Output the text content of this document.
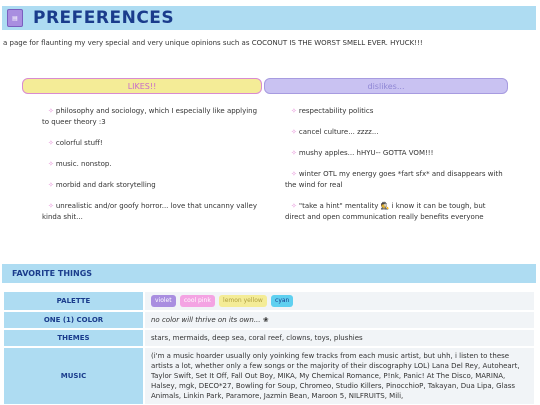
▤ PREFERENCES
a page for flaunting my very special and very unique opinions such as COCONUT IS THE WORST SMELL EVER. HYUCK!!!
LIKES!!	dislikes...
✧ philosophy and sociology, which I especially like applying to queer theory :3
✧ colorful stuff!
✧ music. nonstop.
✧ morbid and dark storytelling
✧ unrealistic and/or goofy horror... love that uncanny valley kinda shit...
✧ respectability politics
✧ cancel culture... zzzz...
✧ mushy apples... hHYU-- GOTTA VOM!!!
✧ winter OTL my energy goes *fart sfx* and disappears with the wind for real
✧ "take a hint" mentality 🕵 i know it can be tough, but direct and open communication really benefits everyone
FAVORITE THINGS
PALETTE	violet cool pink lemon yellow cyan
ONE (1) COLOR	no color will thrive on its own... ❀
THEMES	stars, mermaids, deep sea, coral reef, clowns, toys, plushies
MUSIC	(i'm a music hoarder usually only yoinking few tracks from each music artist, but uhh, i listen to these artists a lot, whether only a few songs or the majority of their discography LOL) Lana Del Rey, Autoheart, Taylor Swift, Set It Off, Fall Out Boy, MIKA, My Chemical Romance, P!nk, Panic! At The Disco, MARINA, Halsey, mgk, DECO*27, Bowling for Soup, Chromeo, Studio Killers, PinocchioP, Takayan, Dua Lipa, Glass Animals, Linkin Park, Paramore, Jazmin Bean, Maroon 5, NILFRUITS, Mili,
